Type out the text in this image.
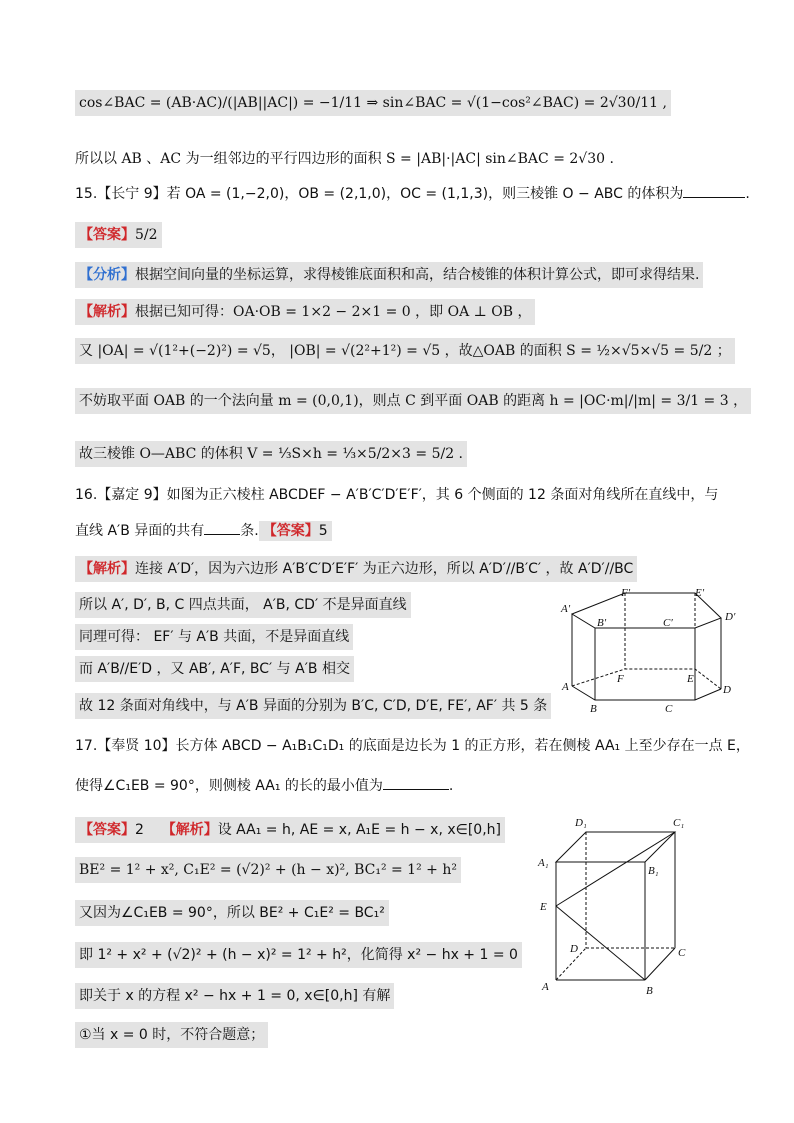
cos∠BAC = (AB·AC)/(|AB||AC|) = −1/11 ⇒ sin∠BAC = √(1−cos²∠BAC) = 2√30/11 ,
所以以 AB 、AC 为一组邻边的平行四边形的面积 S = |AB|·|AC| sin∠BAC = 2√30 .
15.【长宁 9】若 OA = (1,−2,0)，OB = (2,1,0)，OC = (1,1,3)，则三棱锥 O − ABC 的体积为	.
【答案】5/2
【分析】根据空间向量的坐标运算，求得棱锥底面积和高，结合棱锥的体积计算公式，即可求得结果.
【解析】根据已知可得：OA·OB = 1×2 − 2×1 = 0 ，即 OA ⊥ OB ，
又 |OA| = √(1²+(−2)²) = √5， |OB| = √(2²+1²) = √5 ，故△OAB 的面积 S = ½×√5×√5 = 5/2 ；
不妨取平面 OAB 的一个法向量 m = (0,0,1)，则点 C 到平面 OAB 的距离 h = |OC·m|/|m| = 3/1 = 3 ，
故三棱锥 O—ABC 的体积 V = ⅓S×h = ⅓×5/2×3 = 5/2 .
16.【嘉定 9】如图为正六棱柱 ABCDEF − A′B′C′D′E′F′，其 6 个侧面的 12 条面对角线所在直线中，与
直线 A′B 异面的共有	条. 【答案】5
【解析】连接 A′D′，因为六边形 A′B′C′D′E′F′ 为正六边形，所以 A′D′//B′C′ ，故 A′D′//BC
所以 A′, D′, B, C 四点共面， A′B, CD′ 不是异面直线
同理可得： EF′ 与 A′B 共面，不是异面直线
而 A′B//E′D ，又 AB′, A′F, BC′ 与 A′B 相交
故 12 条面对角线中，与 A′B 异面的分别为 B′C, C′D, D′E, FE′, AF′ 共 5 条
A′
F′	E′
D′
B′	C′
A
F	E
D
B	C
17.【奉贤 10】长方体 ABCD − A₁B₁C₁D₁ 的底面是边长为 1 的正方形，若在侧棱 AA₁ 上至少存在一点 E，
使得∠C₁EB = 90°，则侧棱 AA₁ 的长的最小值为	.
【答案】2 【解析】设 AA₁ = h, AE = x, A₁E = h − x, x∈[0,h]
BE² = 1² + x², C₁E² = (√2)² + (h − x)², BC₁² = 1² + h²
又因为∠C₁EB = 90°，所以 BE² + C₁E² = BC₁²
即 1² + x² + (√2)² + (h − x)² = 1² + h²，化简得 x² − hx + 1 = 0
即关于 x 的方程 x² − hx + 1 = 0, x∈[0,h] 有解
①当 x = 0 时，不符合题意；
D₁	C₁
A₁
B₁
E
D	C
A	B
